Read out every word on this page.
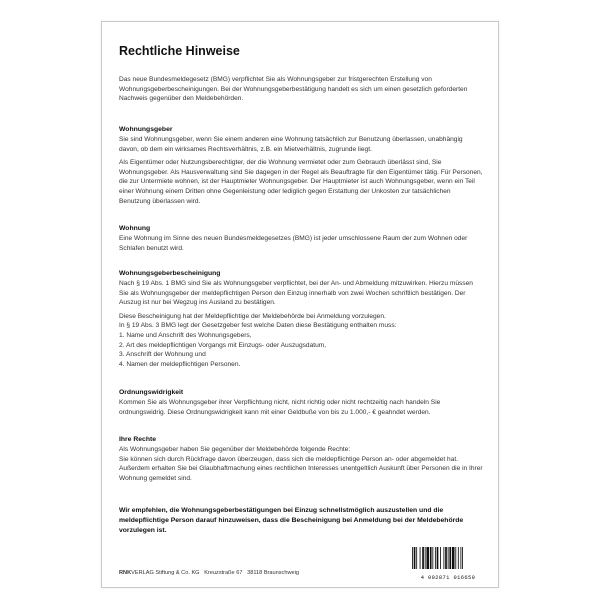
Rechtliche Hinweise

Das neue Bundesmeldegesetz (BMG) verpflichtet Sie als Wohnungsgeber zur fristgerechten Erstellung von Wohnungsgeberbescheinigungen. Bei der Wohnungsgeberbestätigung handelt es sich um einen gesetzlich geforderten Nachweis gegenüber den Meldebehörden.

Wohnungsgeber

Sie sind Wohnungsgeber, wenn Sie einem anderen eine Wohnung tatsächlich zur Benutzung überlassen, unabhängig davon, ob dem ein wirksames Rechtsverhältnis, z.B. ein Mietverhältnis, zugrunde liegt.

Als Eigentümer oder Nutzungsberechtigter, der die Wohnung vermietet oder zum Gebrauch überlässt sind, Sie Wohnungsgeber. Als Hausverwaltung sind Sie dagegen in der Regel als Beauftragte für den Eigentümer tätig. Für Personen, die zur Untermiete wohnen, ist der Hauptmieter Wohnungsgeber. Der Hauptmieter ist auch Wohnungsgeber, wenn ein Teil einer Wohnung einem Dritten ohne Gegenleistung oder lediglich gegen Erstattung der Unkosten zur tatsächlichen Benutzung überlassen wird.

Wohnung

Eine Wohnung im Sinne des neuen Bundesmeldegesetzes (BMG) ist jeder umschlossene Raum der zum Wohnen oder Schlafen benutzt wird.

Wohnungsgeberbescheinigung

Nach § 19 Abs. 1 BMG sind Sie als Wohnungsgeber verpflichtet, bei der An- und Abmeldung mitzuwirken. Hierzu müssen Sie als Wohnungsgeber der meldepflichtigen Person den Einzug innerhalb von zwei Wochen schriftlich bestätigen. Der Auszug ist nur bei Wegzug ins Ausland zu bestätigen.

Diese Bescheinigung hat der Meldepflichtige der Meldebehörde bei Anmeldung vorzulegen.

In § 19 Abs. 3 BMG legt der Gesetzgeber fest welche Daten diese Bestätigung enthalten muss:
1. Name und Anschrift des Wohnungsgebers,
2. Art des meldepflichtigen Vorgangs mit Einzugs- oder Auszugsdatum,
3. Anschrift der Wohnung und
4. Namen der meldepflichtigen Personen.
Ordnungswidrigkeit

Kommen Sie als Wohnungsgeber ihrer Verpflichtung nicht, nicht richtig oder nicht rechtzeitig nach handeln Sie ordnungswidrig. Diese Ordnungswidrigkeit kann mit einer Geldbuße von bis zu 1.000,- € geahndet werden.

Ihre Rechte

Als Wohnungsgeber haben Sie gegenüber der Meldebehörde folgende Rechte:

Sie können sich durch Rückfrage davon überzeugen, dass sich die meldepflichtige Person an- oder abgemeldet hat. Außerdem erhalten Sie bei Glaubhaftmachung eines rechtlichen Interesses unentgeltlich Auskunft über Personen die in Ihrer Wohnung gemeldet sind.

Wir empfehlen, die Wohnungsgeberbestätigungen bei Einzug schnellstmöglich auszustellen und die meldepflichtige Person darauf hinzuweisen, dass die Bescheinigung bei Anmeldung bei der Meldebehörde vorzulegen ist.
RNKVERLAG Stiftung & Co. KG Kreuzstraße 67 38118 Braunschweig
4 002871 016650
